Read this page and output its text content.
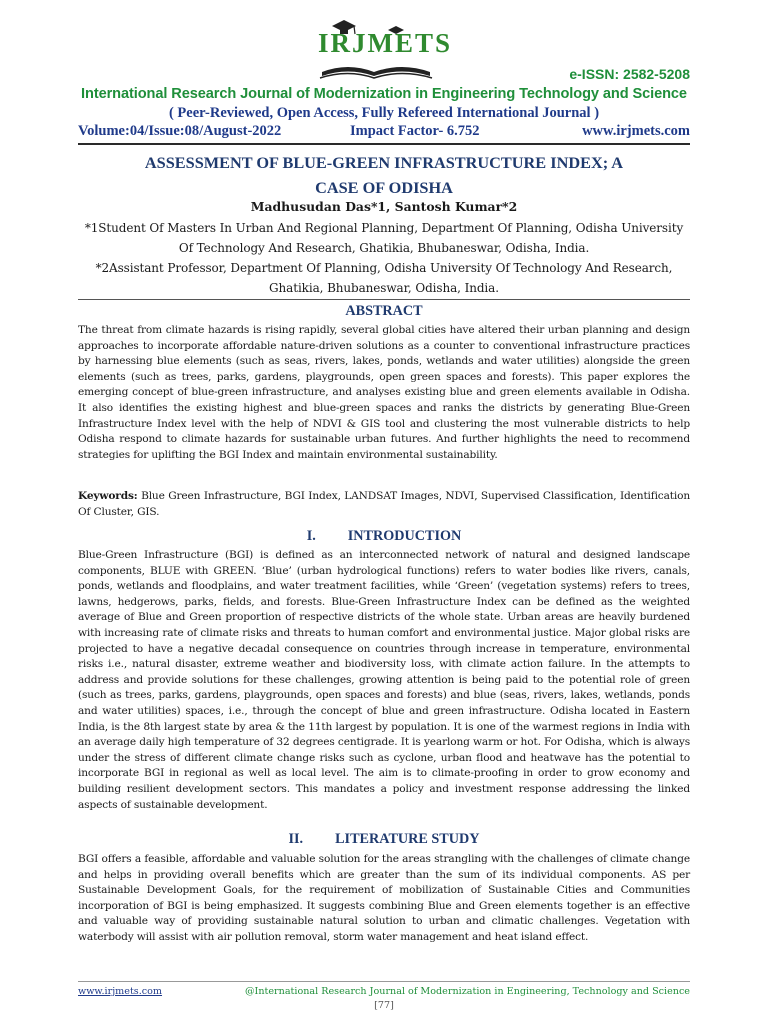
IRJMETS
e-ISSN: 2582-5208
International Research Journal of Modernization in Engineering Technology and Science
( Peer-Reviewed, Open Access, Fully Refereed International Journal )
Volume:04/Issue:08/August-2022	Impact Factor- 6.752	www.irjmets.com
ASSESSMENT OF BLUE-GREEN INFRASTRUCTURE INDEX; A
CASE OF ODISHA
Madhusudan Das*1, Santosh Kumar*2
*1Student Of Masters In Urban And Regional Planning, Department Of Planning, Odisha University Of Technology And Research, Ghatikia, Bhubaneswar, Odisha, India.
*2Assistant Professor, Department Of Planning, Odisha University Of Technology And Research, Ghatikia, Bhubaneswar, Odisha, India.
ABSTRACT
The threat from climate hazards is rising rapidly, several global cities have altered their urban planning and design approaches to incorporate affordable nature-driven solutions as a counter to conventional infrastructure practices by harnessing blue elements (such as seas, rivers, lakes, ponds, wetlands and water utilities) alongside the green elements (such as trees, parks, gardens, playgrounds, open green spaces and forests). This paper explores the emerging concept of blue-green infrastructure, and analyses existing blue and green elements available in Odisha. It also identifies the existing highest and blue-green spaces and ranks the districts by generating Blue-Green Infrastructure Index level with the help of NDVI & GIS tool and clustering the most vulnerable districts to help Odisha respond to climate hazards for sustainable urban futures. And further highlights the need to recommend strategies for uplifting the BGI Index and maintain environmental sustainability.
Keywords: Blue Green Infrastructure, BGI Index, LANDSAT Images, NDVI, Supervised Classification, Identification Of Cluster, GIS.
I. INTRODUCTION
Blue-Green Infrastructure (BGI) is defined as an interconnected network of natural and designed landscape components, BLUE with GREEN. ‘Blue’ (urban hydrological functions) refers to water bodies like rivers, canals, ponds, wetlands and floodplains, and water treatment facilities, while ‘Green’ (vegetation systems) refers to trees, lawns, hedgerows, parks, fields, and forests. Blue-Green Infrastructure Index can be defined as the weighted average of Blue and Green proportion of respective districts of the whole state. Urban areas are heavily burdened with increasing rate of climate risks and threats to human comfort and environmental justice. Major global risks are projected to have a negative decadal consequence on countries through increase in temperature, environmental risks i.e., natural disaster, extreme weather and biodiversity loss, with climate action failure. In the attempts to address and provide solutions for these challenges, growing attention is being paid to the potential role of green (such as trees, parks, gardens, playgrounds, open spaces and forests) and blue (seas, rivers, lakes, wetlands, ponds and water utilities) spaces, i.e., through the concept of blue and green infrastructure. Odisha located in Eastern India, is the 8th largest state by area & the 11th largest by population. It is one of the warmest regions in India with an average daily high temperature of 32 degrees centigrade. It is yearlong warm or hot. For Odisha, which is always under the stress of different climate change risks such as cyclone, urban flood and heatwave has the potential to incorporate BGI in regional as well as local level. The aim is to climate-proofing in order to grow economy and building resilient development sectors. This mandates a policy and investment response addressing the linked aspects of sustainable development.
II. LITERATURE STUDY
BGI offers a feasible, affordable and valuable solution for the areas strangling with the challenges of climate change and helps in providing overall benefits which are greater than the sum of its individual components. AS per Sustainable Development Goals, for the requirement of mobilization of Sustainable Cities and Communities incorporation of BGI is being emphasized. It suggests combining Blue and Green elements together is an effective and valuable way of providing sustainable natural solution to urban and climatic challenges. Vegetation with waterbody will assist with air pollution removal, storm water management and heat island effect.
www.irjmets.com	@International Research Journal of Modernization in Engineering, Technology and Science
[77]
